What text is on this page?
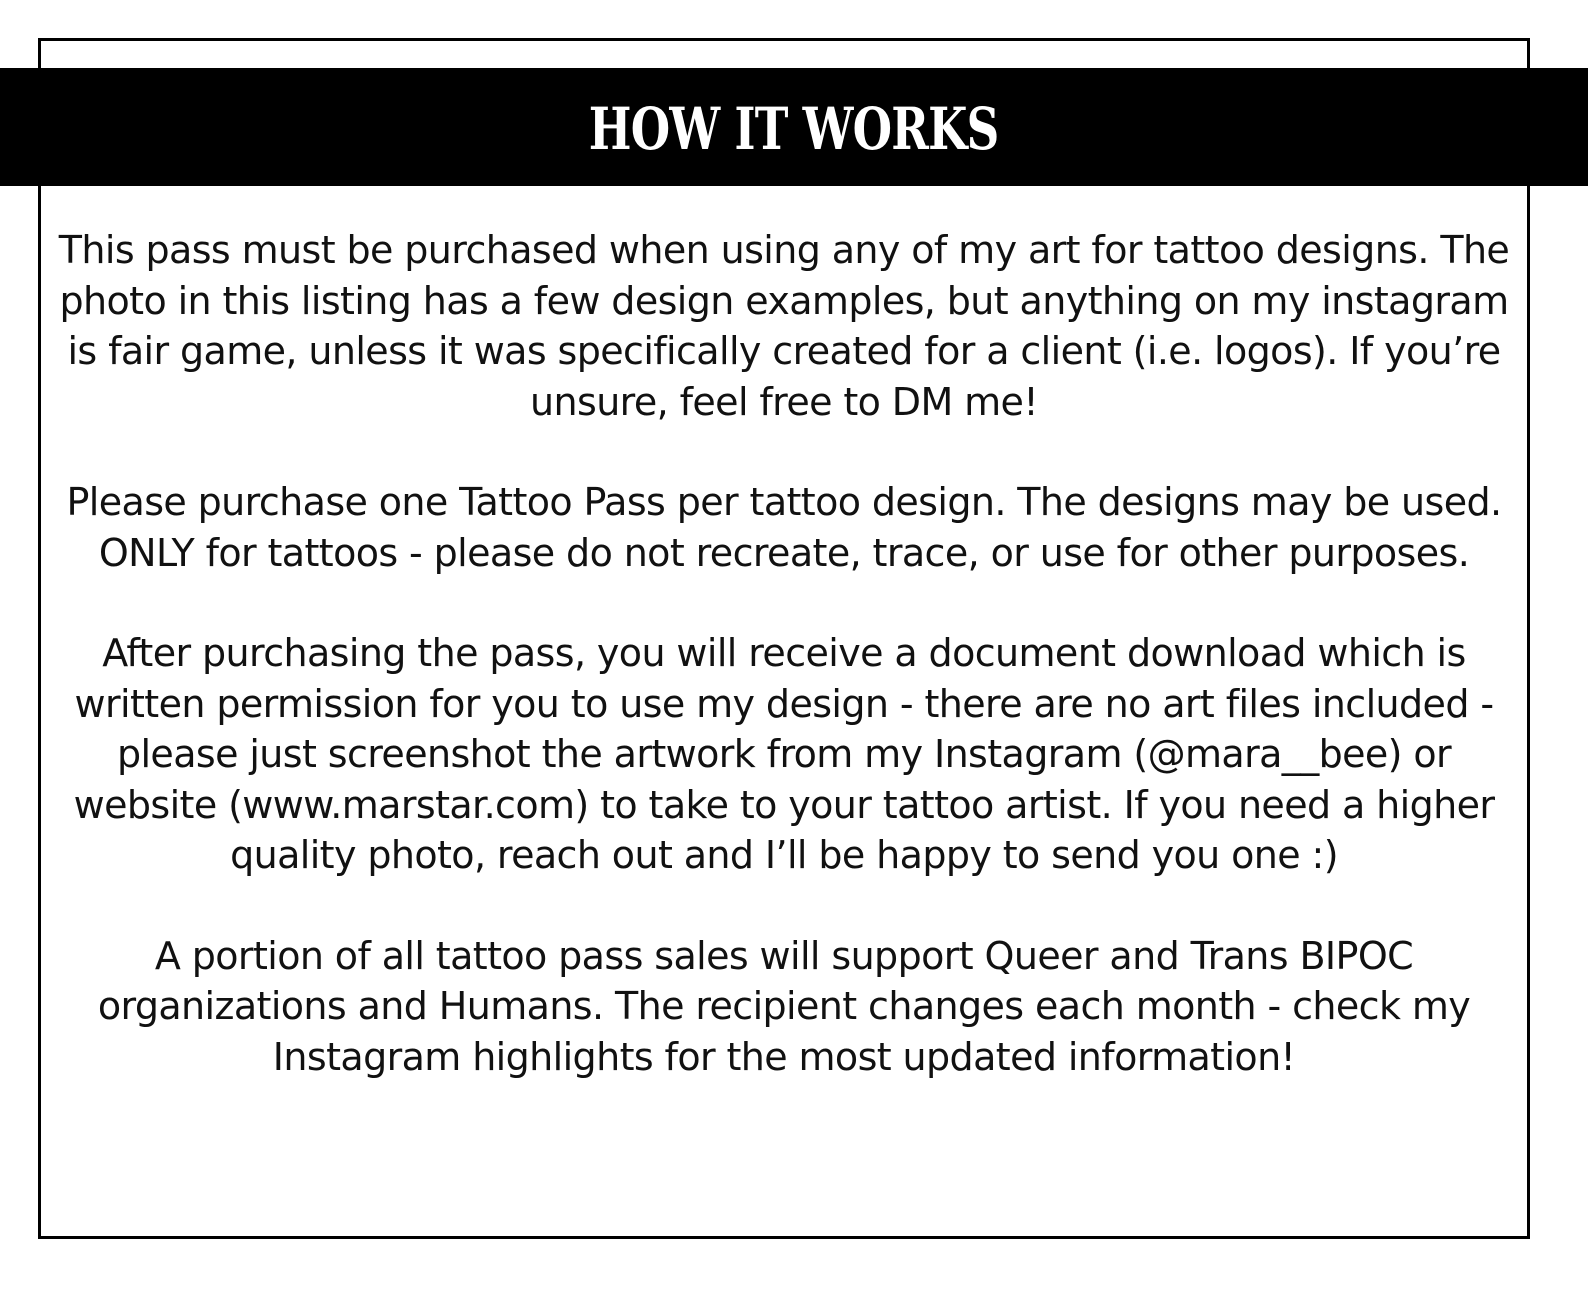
HOW IT WORKS

This pass must be purchased when using any of my art for tattoo designs. The photo in this listing has a few design examples, but anything on my instagram is fair game, unless it was specifically created for a client (i.e. logos). If you’re unsure, feel free to DM me!

Please purchase one Tattoo Pass per tattoo design. The designs may be used. ONLY for tattoos - please do not recreate, trace, or use for other purposes.

After purchasing the pass, you will receive a document download which is written permission for you to use my design - there are no art files included - please just screenshot the artwork from my Instagram (@mara__bee) or website (www.marstar.com) to take to your tattoo artist. If you need a higher quality photo, reach out and I’ll be happy to send you one :)

A portion of all tattoo pass sales will support Queer and Trans BIPOC organizations and Humans. The recipient changes each month - check my Instagram highlights for the most updated information!
